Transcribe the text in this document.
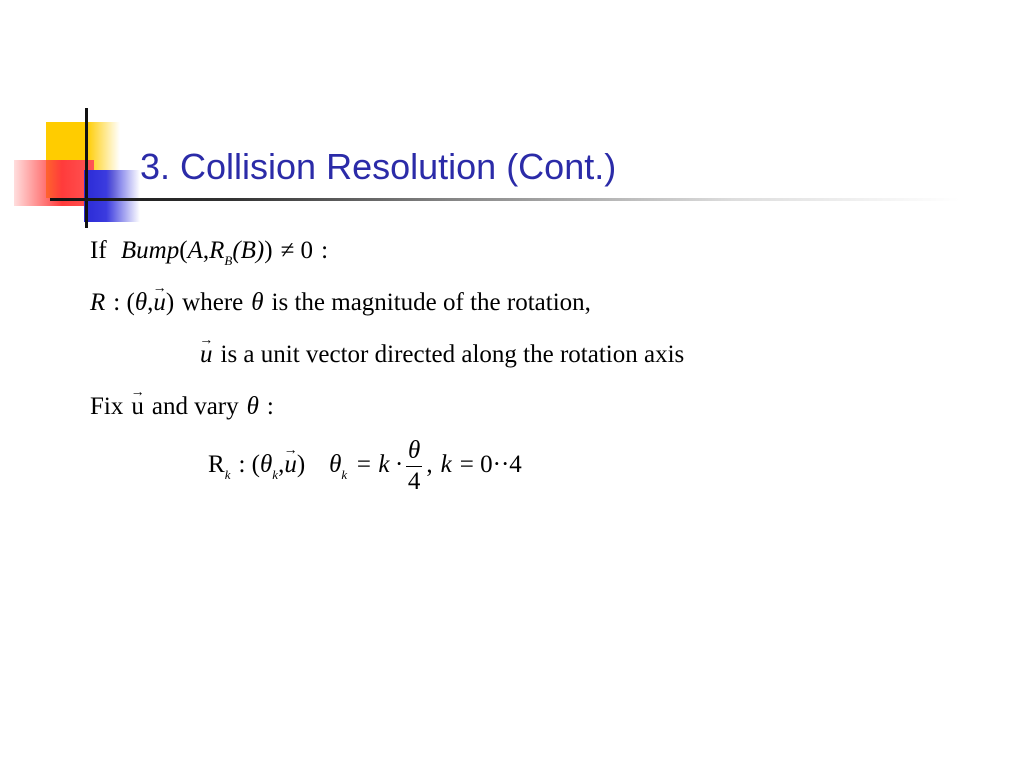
3. Collision Resolution (Cont.)
If $Bump(A,R_B(B)) \ne 0$ :
R : (θ,→ u) where θ is the magnitude of the rotation,
→ u is a unit vector directed along the rotation axis
Fix→ u and vary θ :
$R_k$ : $(\theta_k,\to u) \theta_k = k \cdot \frac{\theta}{4}$ , k = 0··4
